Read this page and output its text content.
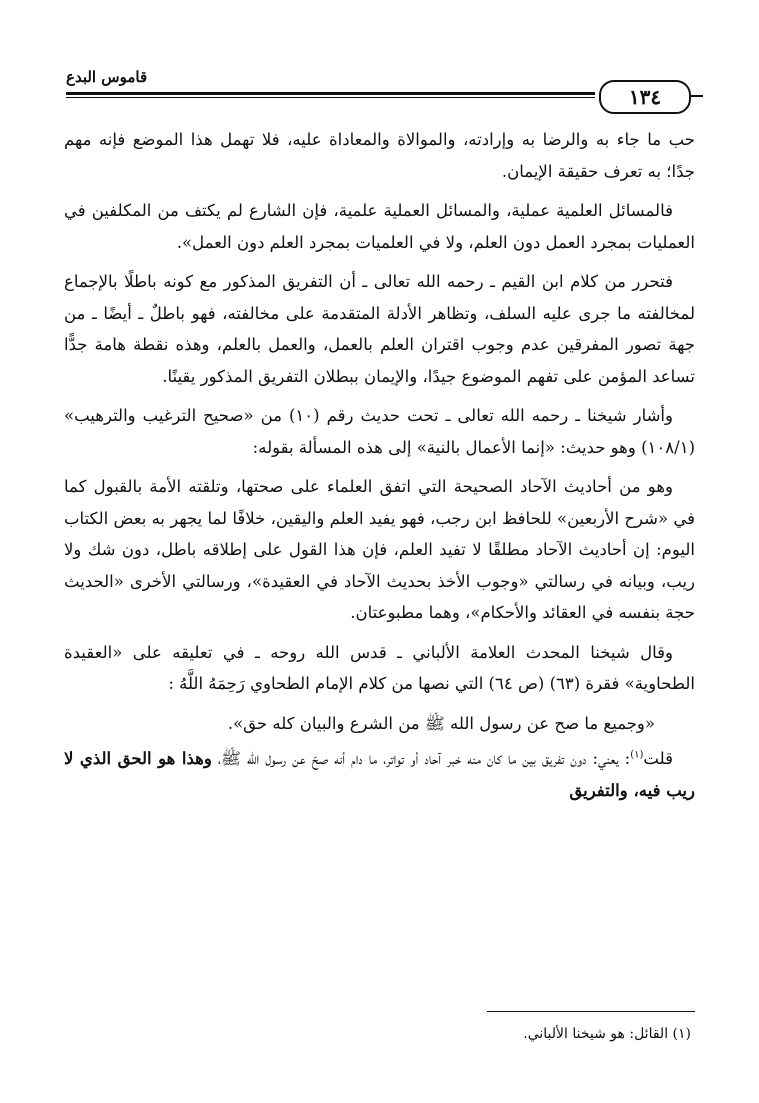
قاموس البدع
١٣٤

حب ما جاء به والرضا به وإرادته، والموالاة والمعاداة عليه، فلا تهمل هذا الموضع فإنه مهم جدًا؛ به تعرف حقيقة الإيمان.

فالمسائل العلمية عملية، والمسائل العملية علمية، فإن الشارع لم يكتف من المكلفين في العمليات بمجرد العمل دون العلم، ولا في العلميات بمجرد العلم دون العمل».

فتحرر من كلام ابن القيم ـ رحمه الله تعالى ـ أن التفريق المذكور مع كونه باطلًا بالإجماع لمخالفته ما جرى عليه السلف، وتظاهر الأدلة المتقدمة على مخالفته، فهو باطلٌ ـ أيضًا ـ من جهة تصور المفرقين عدم وجوب اقتران العلم بالعمل، والعمل بالعلم، وهذه نقطة هامة جدًّا تساعد المؤمن على تفهم الموضوع جيدًا، والإيمان ببطلان التفريق المذكور يقينًا.

وأشار شيخنا ـ رحمه الله تعالى ـ تحت حديث رقم (١٠) من «صحيح الترغيب والترهيب» (١٠٨/١) وهو حديث: «إنما الأعمال بالنية» إلى هذه المسألة بقوله:

وهو من أحاديث الآحاد الصحيحة التي اتفق العلماء على صحتها، وتلقته الأمة بالقبول كما في «شرح الأربعين» للحافظ ابن رجب، فهو يفيد العلم واليقين، خلافًا لما يجهر به بعض الكتاب اليوم: إن أحاديث الآحاد مطلقًا لا تفيد العلم، فإن هذا القول على إطلاقه باطل، دون شك ولا ريب، وبيانه في رسالتي «وجوب الأخذ بحديث الآحاد في العقيدة»، ورسالتي الأخرى «الحديث حجة بنفسه في العقائد والأحكام»، وهما مطبوعتان.

وقال شيخنا المحدث العلامة الألباني ـ قدس الله روحه ـ في تعليقه على «العقيدة الطحاوية» فقرة (٦٣) (ص ٦٤) التي نصها من كلام الإمام الطحاوي رَحِمَهُ اللَّهُ :

«وجميع ما صح عن رسول الله ﷺ من الشرع والبيان كله حق».

قلت$^{(١)}$: يعني: دون تفريق بين ما كان منه خبر آحاد أو تواتر، ما دام أنه صحّ عن رسول الله ﷺ، وهذا هو الحق الذي لا ريب فيه، والتفريق

(١) القائل: هو شيخنا الألباني.
